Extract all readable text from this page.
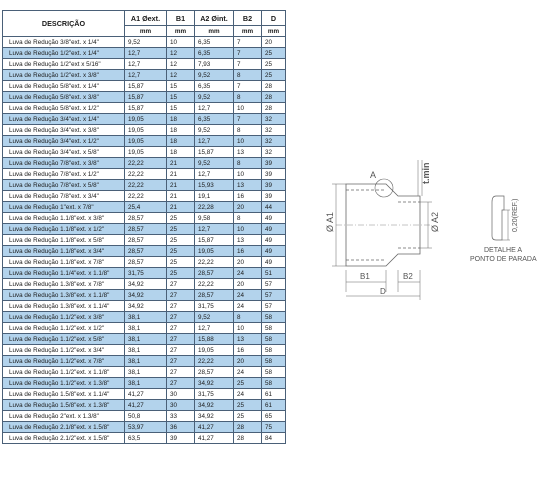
DESCRIÇÃO	A1 Øext.	B1	A2 Øint.	B2	D
	mm	mm	mm	mm	mm
Luva de Redução 3/8"ext. x 1/4"	9,52	10	6,35	7	20
Luva de Redução 1/2"ext. x 1/4"	12,7	12	6,35	7	25
Luva de Redução 1/2"ext x 5/16"	12,7	12	7,93	7	25
Luva de Redução 1/2"ext. x 3/8"	12,7	12	9,52	8	25
Luva de Redução 5/8"ext. x 1/4"	15,87	15	6,35	7	28
Luva de Redução 5/8"ext. x 3/8"	15,87	15	9,52	8	28
Luva de Redução 5/8"ext. x 1/2"	15,87	15	12,7	10	28
Luva de Redução 3/4"ext. x 1/4"	19,05	18	6,35	7	32
Luva de Redução 3/4"ext. x 3/8"	19,05	18	9,52	8	32
Luva de Redução 3/4"ext. x 1/2"	19,05	18	12,7	10	32
Luva de Redução 3/4"ext. x 5/8"	19,05	18	15,87	13	32
Luva de Redução 7/8"ext. x 3/8"	22,22	21	9,52	8	39
Luva de Redução 7/8"ext. x 1/2"	22,22	21	12,7	10	39
Luva de Redução 7/8"ext. x 5/8"	22,22	21	15,93	13	39
Luva de Redução 7/8"ext. x 3/4"	22,22	21	19,1	16	39
Luva de Redução 1"ext. x 7/8"	25,4	21	22,28	20	44
Luva de Redução 1.1/8"ext. x 3/8"	28,57	25	9,58	8	49
Luva de Redução 1.1/8"ext. x 1/2"	28,57	25	12,7	10	49
Luva de Redução 1.1/8"ext. x 5/8"	28,57	25	15,87	13	49
Luva de Redução 1.1/8"ext. x 3/4"	28,57	25	19,05	16	49
Luva de Redução 1.1/8"ext. x 7/8"	28,57	25	22,22	20	49
Luva de Redução 1.1/4"ext. x 1.1/8"	31,75	25	28,57	24	51
Luva de Redução 1.3/8"ext. x 7/8"	34,92	27	22,22	20	57
Luva de Redução 1.3/8"ext. x 1.1/8"	34,92	27	28,57	24	57
Luva de Redução 1.3/8"ext. x 1.1/4"	34,92	27	31,75	24	57
Luva de Redução 1.1/2"ext. x 3/8"	38,1	27	9,52	8	58
Luva de Redução 1.1/2"ext. x 1/2"	38,1	27	12,7	10	58
Luva de Redução 1.1/2"ext. x 5/8"	38,1	27	15,88	13	58
Luva de Redução 1.1/2"ext. x 3/4"	38,1	27	19,05	16	58
Luva de Redução 1.1/2"ext. x 7/8"	38,1	27	22,22	20	58
Luva de Redução 1.1/2"ext. x 1.1/8"	38,1	27	28,57	24	58
Luva de Redução 1.1/2"ext. x 1.3/8"	38,1	27	34,92	25	58
Luva de Redução 1.5/8"ext. x 1.1/4"	41,27	30	31,75	24	61
Luva de Redução 1.5/8"ext. x 1.3/8"	41,27	30	34,92	25	61
Luva de Redução 2"ext. x 1.3/8"	50,8	33	34,92	25	65
Luva de Redução 2.1/8"ext. x 1.5/8"	53,97	36	41,27	28	75
Luva de Redução 2.1/2"ext. x 1.5/8"	63,5	39	41,27	28	84
Ø A1	Ø A2
A	t.min
B1	B2
D
0,20(REF.)
DETALHE A
PONTO DE PARADA
